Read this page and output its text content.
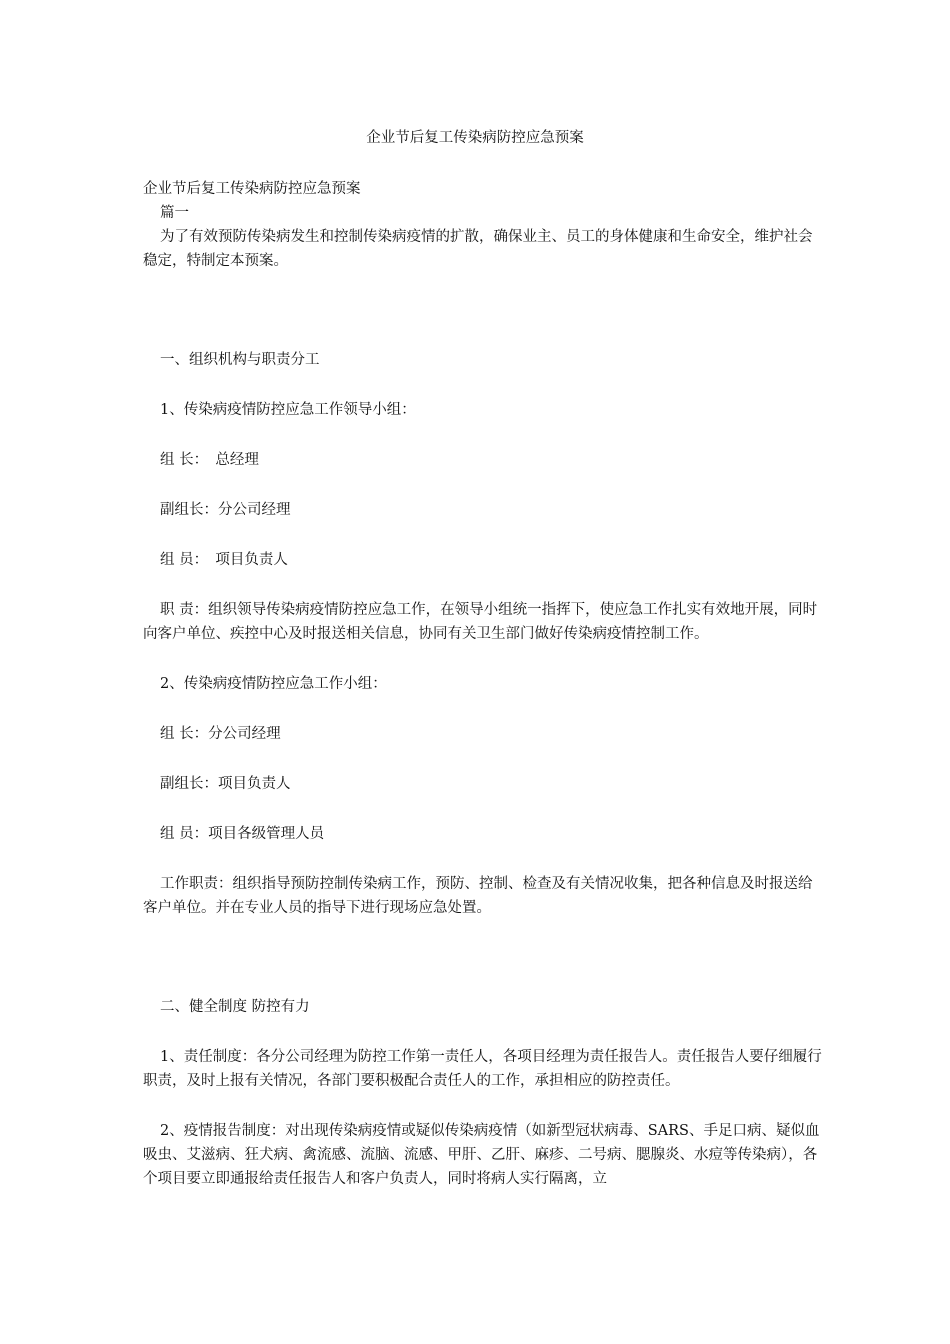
企业节后复工传染病防控应急预案

企业节后复工传染病防控应急预案

篇一

为了有效预防传染病发生和控制传染病疫情的扩散，确保业主、员工的身体健康和生命安全，维护社会稳定，特制定本预案。

一、组织机构与职责分工

1、传染病疫情防控应急工作领导小组：

组 长：　总经理

副组长：分公司经理

组 员：　项目负责人

职 责：组织领导传染病疫情防控应急工作，在领导小组统一指挥下，使应急工作扎实有效地开展，同时向客户单位、疾控中心及时报送相关信息，协同有关卫生部门做好传染病疫情控制工作。

2、传染病疫情防控应急工作小组：

组 长：分公司经理

副组长：项目负责人

组 员：项目各级管理人员

工作职责：组织指导预防控制传染病工作，预防、控制、检查及有关情况收集，把各种信息及时报送给客户单位。并在专业人员的指导下进行现场应急处置。

二、健全制度 防控有力

1、责任制度：各分公司经理为防控工作第一责任人，各项目经理为责任报告人。责任报告人要仔细履行职责，及时上报有关情况，各部门要积极配合责任人的工作，承担相应的防控责任。

2、疫情报告制度：对出现传染病疫情或疑似传染病疫情（如新型冠状病毒、SARS、手足口病、疑似血吸虫、艾滋病、狂犬病、禽流感、流脑、流感、甲肝、乙肝、麻疹、二号病、腮腺炎、水痘等传染病），各个项目要立即通报给责任报告人和客户负责人，同时将病人实行隔离，立
